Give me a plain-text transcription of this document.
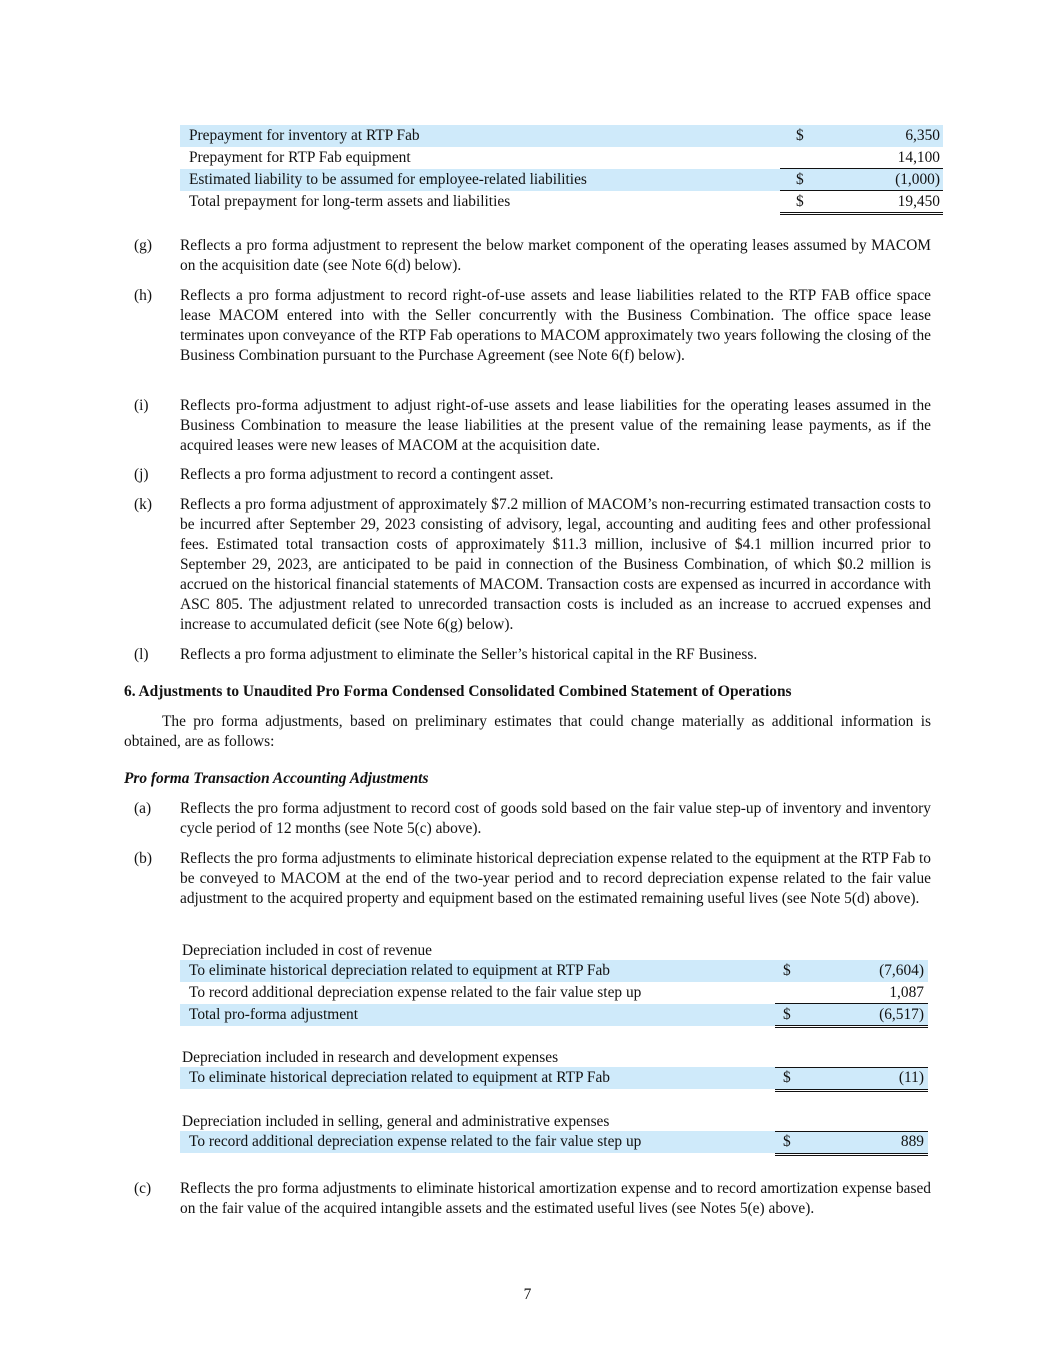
Prepayment for inventory at RTP Fab	$	6,350
Prepayment for RTP Fab equipment	14,100
Estimated liability to be assumed for employee-related liabilities	$	(1,000)
Total prepayment for long-term assets and liabilities	$	19,450
(g) Reflects a pro forma adjustment to represent the below market component of the operating leases assumed by MACOM on the acquisition date (see Note 6(d) below).
(h) Reflects a pro forma adjustment to record right-of-use assets and lease liabilities related to the RTP FAB office space lease MACOM entered into with the Seller concurrently with the Business Combination. The office space lease terminates upon conveyance of the RTP Fab operations to MACOM approximately two years following the closing of the Business Combination pursuant to the Purchase Agreement (see Note 6(f) below).
(i) Reflects pro-forma adjustment to adjust right-of-use assets and lease liabilities for the operating leases assumed in the Business Combination to measure the lease liabilities at the present value of the remaining lease payments, as if the acquired leases were new leases of MACOM at the acquisition date.
(j) Reflects a pro forma adjustment to record a contingent asset.
(k) Reflects a pro forma adjustment of approximately $7.2 million of MACOM’s non-recurring estimated transaction costs to be incurred after September 29, 2023 consisting of advisory, legal, accounting and auditing fees and other professional fees. Estimated total transaction costs of approximately $11.3 million, inclusive of $4.1 million incurred prior to September 29, 2023, are anticipated to be paid in connection of the Business Combination, of which $0.2 million is accrued on the historical financial statements of MACOM. Transaction costs are expensed as incurred in accordance with ASC 805. The adjustment related to unrecorded transaction costs is included as an increase to accrued expenses and increase to accumulated deficit (see Note 6(g) below).
(l) Reflects a pro forma adjustment to eliminate the Seller’s historical capital in the RF Business.
6. Adjustments to Unaudited Pro Forma Condensed Consolidated Combined Statement of Operations
The pro forma adjustments, based on preliminary estimates that could change materially as additional information is obtained, are as follows:
Pro forma Transaction Accounting Adjustments
(a) Reflects the pro forma adjustment to record cost of goods sold based on the fair value step-up of inventory and inventory cycle period of 12 months (see Note 5(c) above).
(b) Reflects the pro forma adjustments to eliminate historical depreciation expense related to the equipment at the RTP Fab to be conveyed to MACOM at the end of the two-year period and to record depreciation expense related to the fair value adjustment to the acquired property and equipment based on the estimated remaining useful lives (see Note 5(d) above).
Depreciation included in cost of revenue
To eliminate historical depreciation related to equipment at RTP Fab	$	(7,604)
To record additional depreciation expense related to the fair value step up	1,087
Total pro-forma adjustment	$	(6,517)
Depreciation included in research and development expenses
To eliminate historical depreciation related to equipment at RTP Fab	$	(11)
Depreciation included in selling, general and administrative expenses
To record additional depreciation expense related to the fair value step up	$	889
(c) Reflects the pro forma adjustments to eliminate historical amortization expense and to record amortization expense based on the fair value of the acquired intangible assets and the estimated useful lives (see Notes 5(e) above).
7
